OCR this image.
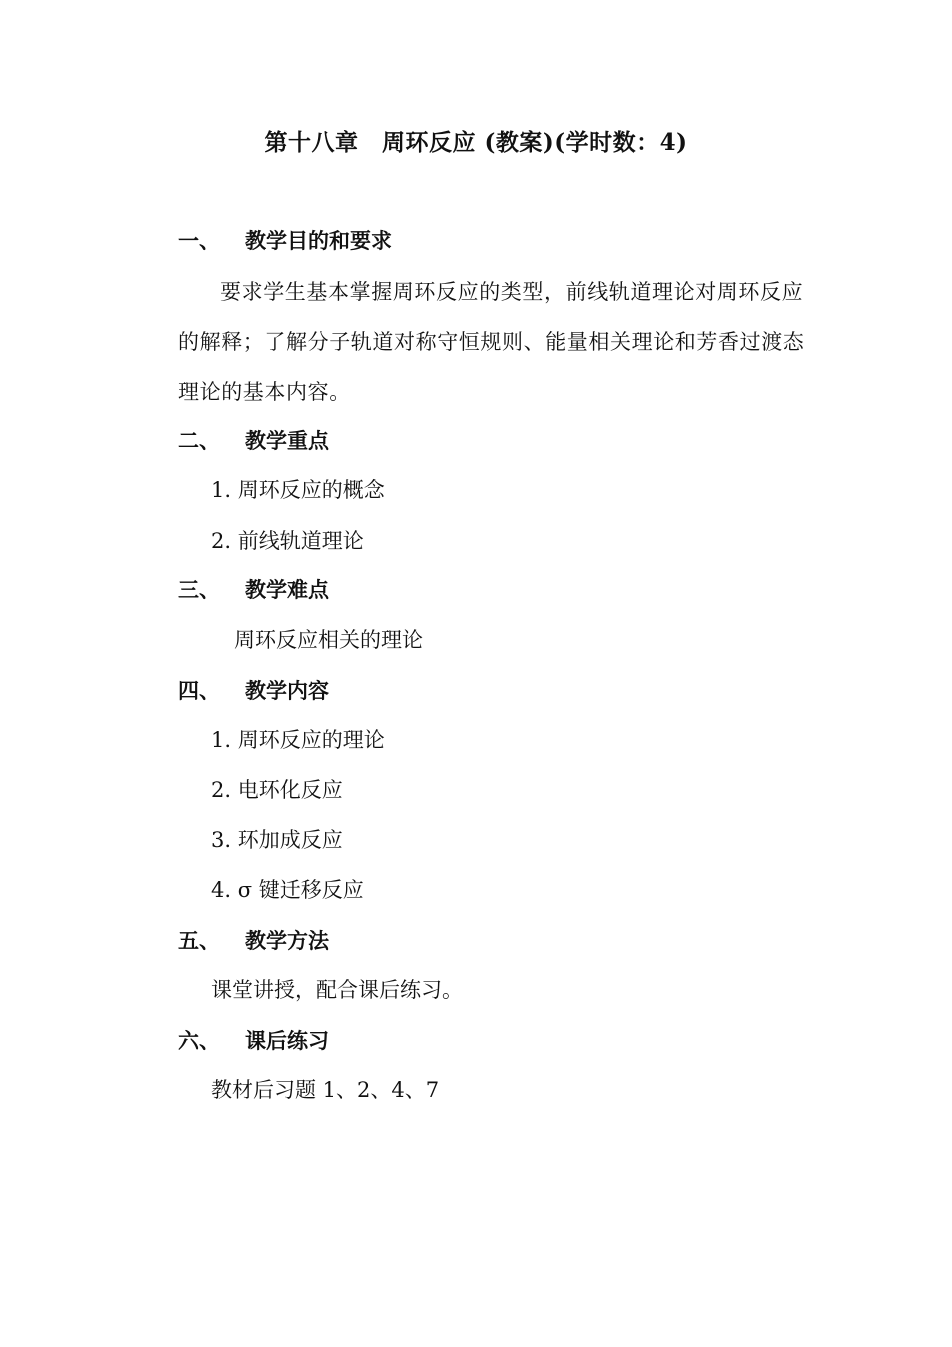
第十八章　周环反应 (教案)(学时数：4)
一、 教学目的和要求
要求学生基本掌握周环反应的类型，前线轨道理论对周环反应的解释；了解分子轨道对称守恒规则、能量相关理论和芳香过渡态理论的基本内容。
二、 教学重点
1. 周环反应的概念
2. 前线轨道理论
三、 教学难点
周环反应相关的理论
四、 教学内容
1. 周环反应的理论
2. 电环化反应
3. 环加成反应
4. σ 键迁移反应
五、 教学方法
课堂讲授，配合课后练习。
六、 课后练习
教材后习题 1、2、4、7
